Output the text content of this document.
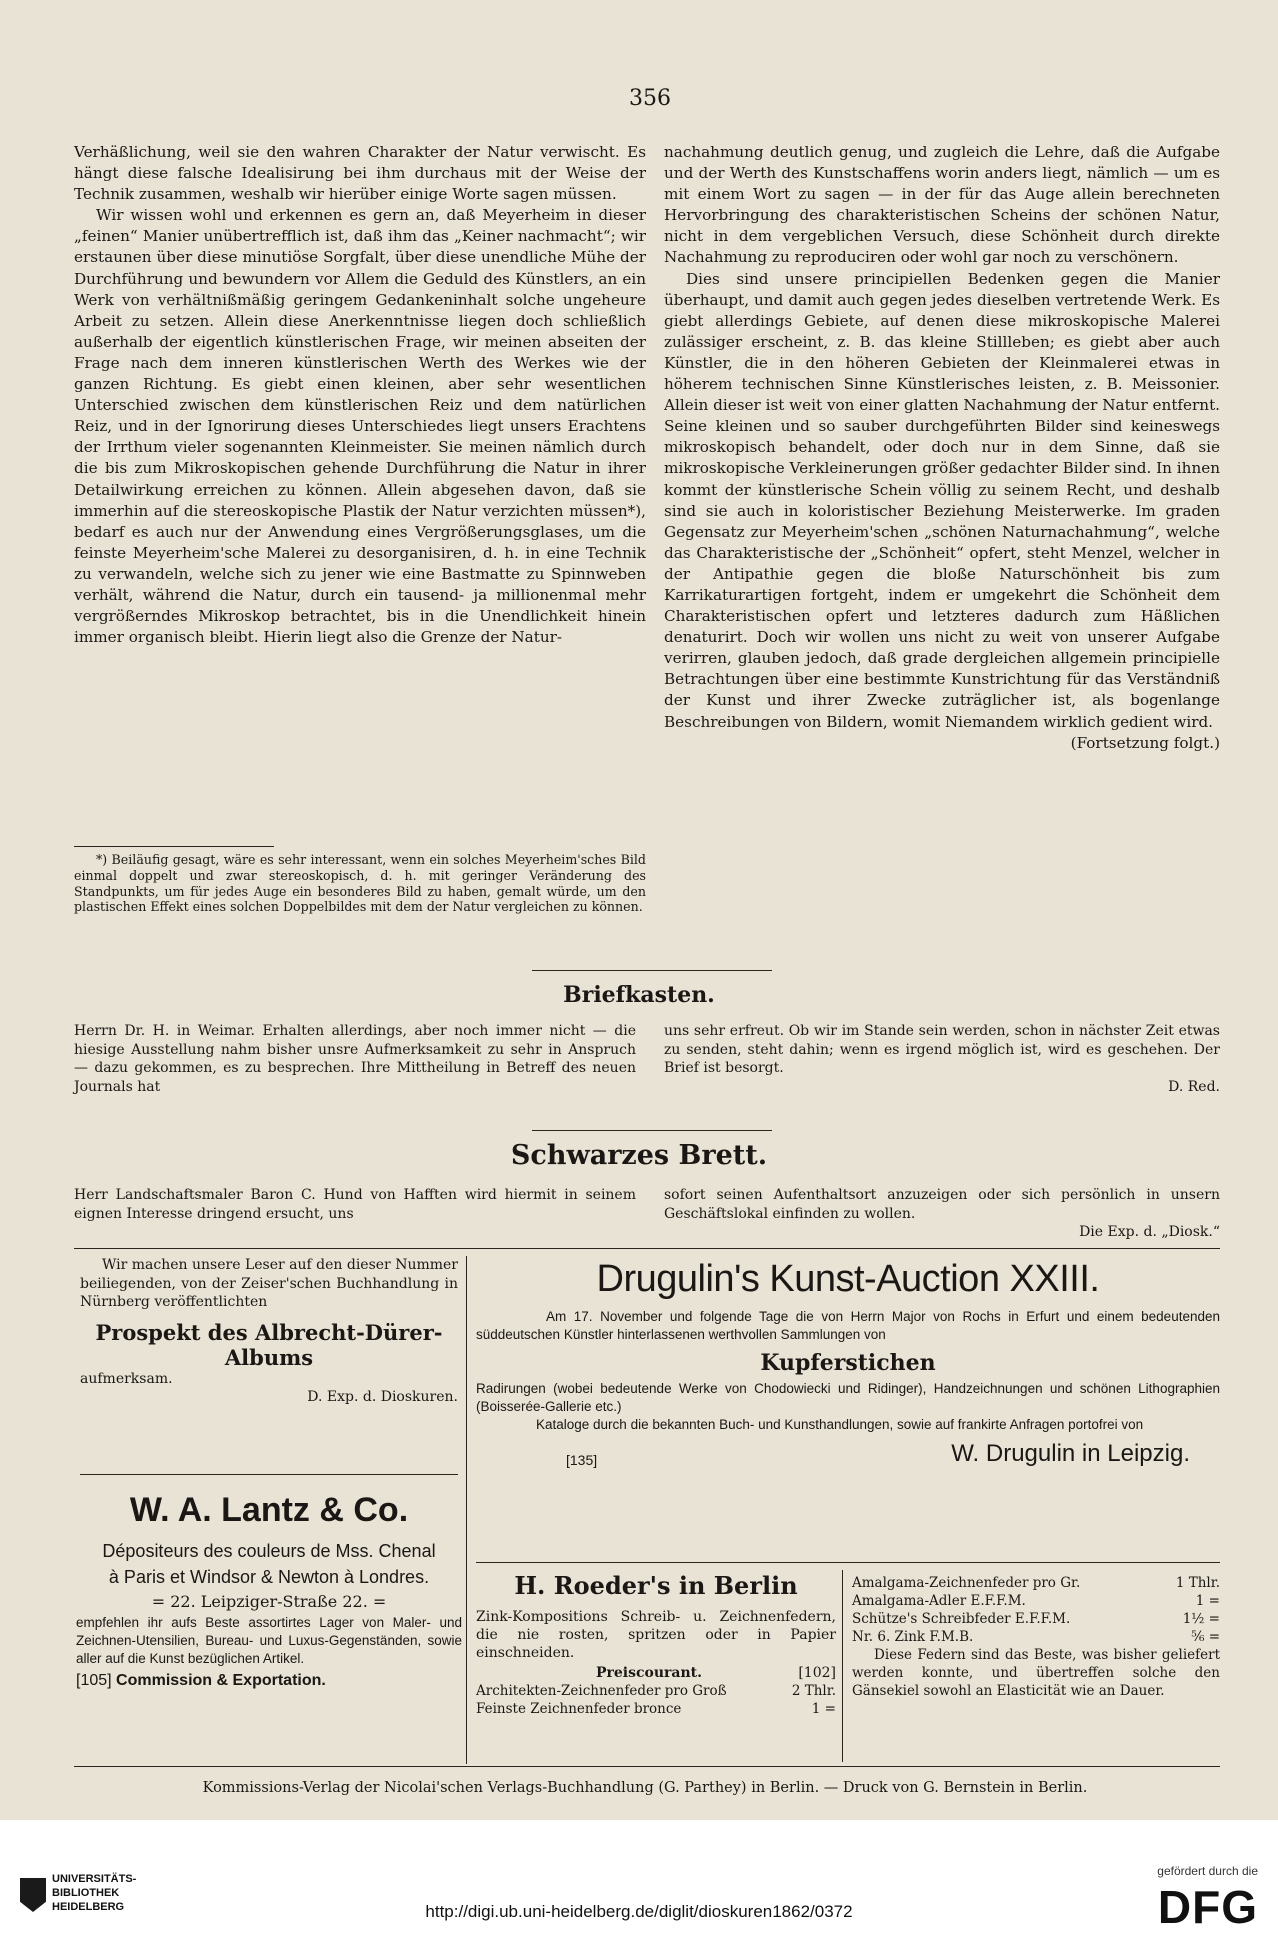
356

Verhäßlichung, weil sie den wahren Charakter der Natur verwischt. Es hängt diese falsche Idealisirung bei ihm durchaus mit der Weise der Technik zusammen, weshalb wir hierüber einige Worte sagen müssen.

Wir wissen wohl und erkennen es gern an, daß Meyerheim in dieser „feinen“ Manier unübertrefflich ist, daß ihm das „Keiner nachmacht“; wir erstaunen über diese minutiöse Sorgfalt, über diese unendliche Mühe der Durchführung und bewundern vor Allem die Geduld des Künstlers, an ein Werk von verhältnißmäßig geringem Gedankeninhalt solche ungeheure Arbeit zu setzen. Allein diese Anerkenntnisse liegen doch schließlich außerhalb der eigentlich künstlerischen Frage, wir meinen abseiten der Frage nach dem inneren künstlerischen Werth des Werkes wie der ganzen Richtung. Es giebt einen kleinen, aber sehr wesentlichen Unterschied zwischen dem künstlerischen Reiz und dem natürlichen Reiz, und in der Ignorirung dieses Unterschiedes liegt unsers Erachtens der Irrthum vieler sogenannten Kleinmeister. Sie meinen nämlich durch die bis zum Mikroskopischen gehende Durchführung die Natur in ihrer Detailwirkung erreichen zu können. Allein abgesehen davon, daß sie immerhin auf die stereoskopische Plastik der Natur verzichten müssen*), bedarf es auch nur der Anwendung eines Vergrößerungsglases, um die feinste Meyerheim'sche Malerei zu desorganisiren, d. h. in eine Technik zu verwandeln, welche sich zu jener wie eine Bastmatte zu Spinnweben verhält, während die Natur, durch ein tausend- ja millionenmal mehr vergrößerndes Mikroskop betrachtet, bis in die Unendlichkeit hinein immer organisch bleibt. Hierin liegt also die Grenze der Natur-

*) Beiläufig gesagt, wäre es sehr interessant, wenn ein solches Meyerheim'sches Bild einmal doppelt und zwar stereoskopisch, d. h. mit geringer Veränderung des Standpunkts, um für jedes Auge ein besonderes Bild zu haben, gemalt würde, um den plastischen Effekt eines solchen Doppelbildes mit dem der Natur vergleichen zu können.

nachahmung deutlich genug, und zugleich die Lehre, daß die Aufgabe und der Werth des Kunstschaffens worin anders liegt, nämlich — um es mit einem Wort zu sagen — in der für das Auge allein berechneten Hervorbringung des charakteristischen Scheins der schönen Natur, nicht in dem vergeblichen Versuch, diese Schönheit durch direkte Nachahmung zu reproduciren oder wohl gar noch zu verschönern.

Dies sind unsere principiellen Bedenken gegen die Manier überhaupt, und damit auch gegen jedes dieselben vertretende Werk. Es giebt allerdings Gebiete, auf denen diese mikroskopische Malerei zulässiger erscheint, z. B. das kleine Stillleben; es giebt aber auch Künstler, die in den höheren Gebieten der Kleinmalerei etwas in höherem technischen Sinne Künstlerisches leisten, z. B. Meissonier. Allein dieser ist weit von einer glatten Nachahmung der Natur entfernt. Seine kleinen und so sauber durchgeführten Bilder sind keineswegs mikroskopisch behandelt, oder doch nur in dem Sinne, daß sie mikroskopische Verkleinerungen größer gedachter Bilder sind. In ihnen kommt der künstlerische Schein völlig zu seinem Recht, und deshalb sind sie auch in koloristischer Beziehung Meisterwerke. Im graden Gegensatz zur Meyerheim'schen „schönen Naturnachahmung“, welche das Charakteristische der „Schönheit“ opfert, steht Menzel, welcher in der Antipathie gegen die bloße Naturschönheit bis zum Karrikaturartigen fortgeht, indem er umgekehrt die Schönheit dem Charakteristischen opfert und letzteres dadurch zum Häßlichen denaturirt. Doch wir wollen uns nicht zu weit von unserer Aufgabe verirren, glauben jedoch, daß grade dergleichen allgemein principielle Betrachtungen über eine bestimmte Kunstrichtung für das Verständniß der Kunst und ihrer Zwecke zuträglicher ist, als bogenlange Beschreibungen von Bildern, womit Niemandem wirklich gedient wird.

(Fortsetzung folgt.)

Briefkasten.

Herrn Dr. H. in Weimar. Erhalten allerdings, aber noch immer nicht — die hiesige Ausstellung nahm bisher unsre Aufmerksamkeit zu sehr in Anspruch — dazu gekommen, es zu besprechen. Ihre Mittheilung in Betreff des neuen Journals hat

uns sehr erfreut. Ob wir im Stande sein werden, schon in nächster Zeit etwas zu senden, steht dahin; wenn es irgend möglich ist, wird es geschehen. Der Brief ist besorgt.

D. Red.

Schwarzes Brett.

Herr Landschaftsmaler Baron C. Hund von Hafften wird hiermit in seinem eignen Interesse dringend ersucht, uns

sofort seinen Aufenthaltsort anzuzeigen oder sich persönlich in unsern Geschäftslokal einfinden zu wollen.

Die Exp. d. „Diosk.“

Wir machen unsere Leser auf den dieser Nummer beiliegenden, von der Zeiser'schen Buchhandlung in Nürnberg veröffentlichten
Prospekt des Albrecht-Dürer-
Albums
aufmerksam.
D. Exp. d. Dioskuren.
W. A. Lantz & Co.
Dépositeurs des couleurs de Mss. Chenal
à Paris et Windsor & Newton à Londres.
= 22. Leipziger-Straße 22. =
empfehlen ihr aufs Beste assortirtes Lager von Maler- und Zeichnen-Utensilien, Bureau- und Luxus-Gegenständen, sowie aller auf die Kunst bezüglichen Artikel.
[105] Commission & Exportation.
Drugulin's Kunst-Auction XXIII.
Am 17. November und folgende Tage die von Herrn Major von Rochs in Erfurt und einem bedeutenden süddeutschen Künstler hinterlassenen werthvollen Sammlungen von
Kupferstichen
Radirungen (wobei bedeutende Werke von Chodowiecki und Ridinger), Handzeichnungen und schönen Lithographien (Boisserée-Gallerie etc.)
Kataloge durch die bekannten Buch- und Kunsthandlungen, sowie auf frankirte Anfragen portofrei von
[135]	W. Drugulin in Leipzig.
H. Roeder's in Berlin
Zink-Kompositions Schreib- u. Zeichnenfedern, die nie rosten, spritzen oder in Papier einschneiden.
Preiscourant.	[102]
Architekten-Zeichnenfeder pro Groß	2 Thlr.
Feinste Zeichnenfeder bronce	1 =
Amalgama-Zeichnenfeder pro Gr.	1 Thlr.
Amalgama-Adler E.F.F.M.	1 =
Schütze's Schreibfeder E.F.F.M.	1½ =
Nr. 6. Zink F.M.B.	⅚ =
Diese Federn sind das Beste, was bisher geliefert werden konnte, und übertreffen solche den Gänsekiel sowohl an Elasticität wie an Dauer.
Kommissions-Verlag der Nicolai'schen Verlags-Buchhandlung (G. Parthey) in Berlin. — Druck von G. Bernstein in Berlin.
UNIVERSITÄTS-
BIBLIOTHEK
HEIDELBERG	http://digi.ub.uni-heidelberg.de/diglit/dioskuren1862/0372
gefördert durch die
DFG
